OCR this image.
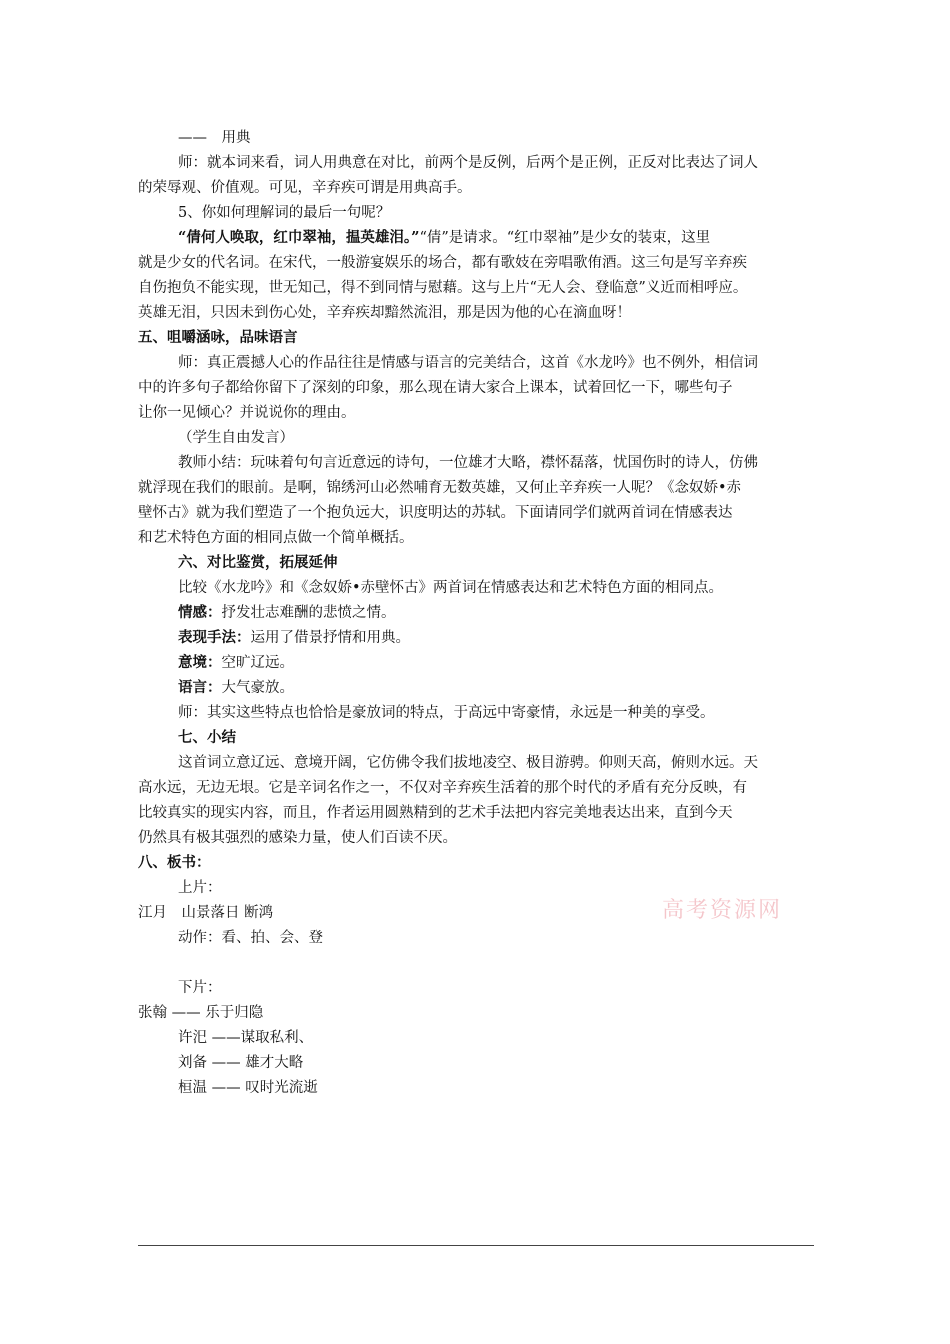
——　用典
师：就本词来看，词人用典意在对比，前两个是反例，后两个是正例，正反对比表达了词人
的荣辱观、价值观。可见，辛弃疾可谓是用典高手。
5、你如何理解词的最后一句呢？
“倩何人唤取，红巾翠袖，揾英雄泪。”“倩”是请求。“红巾翠袖”是少女的装束，这里
就是少女的代名词。在宋代，一般游宴娱乐的场合，都有歌妓在旁唱歌侑酒。这三句是写辛弃疾
自伤抱负不能实现，世无知己，得不到同情与慰藉。这与上片“无人会、登临意”义近而相呼应。
英雄无泪，只因未到伤心处，辛弃疾却黯然流泪，那是因为他的心在滴血呀！
五、咀嚼涵咏，品味语言
师：真正震撼人心的作品往往是情感与语言的完美结合，这首《水龙吟》也不例外，相信词
中的许多句子都给你留下了深刻的印象，那么现在请大家合上课本，试着回忆一下，哪些句子
让你一见倾心？并说说你的理由。
（学生自由发言）
教师小结：玩味着句句言近意远的诗句，一位雄才大略，襟怀磊落，忧国伤时的诗人，仿佛
就浮现在我们的眼前。是啊，锦绣河山必然哺育无数英雄，又何止辛弃疾一人呢？《念奴娇•赤
壁怀古》就为我们塑造了一个抱负远大，识度明达的苏轼。下面请同学们就两首词在情感表达
和艺术特色方面的相同点做一个简单概括。
六、对比鉴赏，拓展延伸
比较《水龙吟》和《念奴娇•赤壁怀古》两首词在情感表达和艺术特色方面的相同点。
情感：抒发壮志难酬的悲愤之情。
表现手法：运用了借景抒情和用典。
意境：空旷辽远。
语言：大气豪放。
师：其实这些特点也恰恰是豪放词的特点，于高远中寄豪情，永远是一种美的享受。
七、小结
这首词立意辽远、意境开阔，它仿佛令我们拔地凌空、极目游骋。仰则天高，俯则水远。天
高水远，无边无垠。它是辛词名作之一，不仅对辛弃疾生活着的那个时代的矛盾有充分反映，有
比较真实的现实内容，而且，作者运用圆熟精到的艺术手法把内容完美地表达出来，直到今天
仍然具有极其强烈的感染力量，使人们百读不厌。
八、板书：
上片：
江月　山景落日 断鸿
动作：看、拍、会、登
下片：
张翰 —— 乐于归隐
许汜 ——谋取私利、
刘备 —— 雄才大略
桓温 —— 叹时光流逝
高考资源网
